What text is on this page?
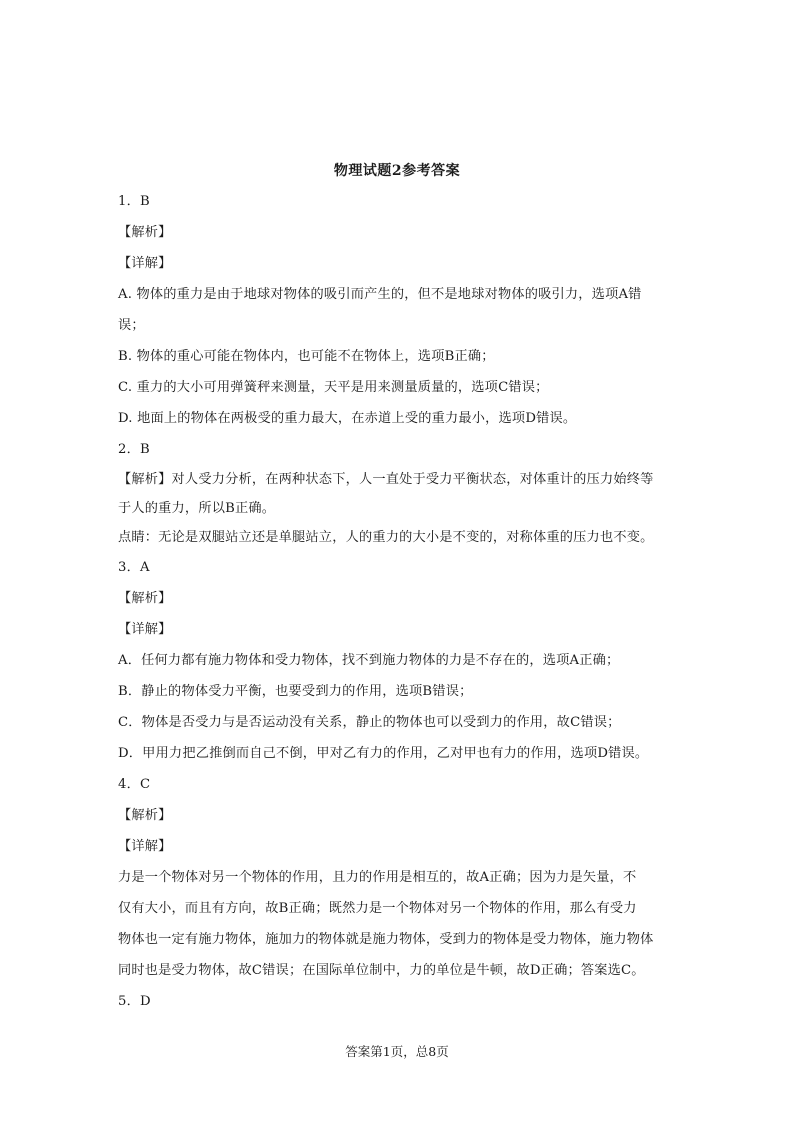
物理试题2参考答案
1．B
【解析】
【详解】
A. 物体的重力是由于地球对物体的吸引而产生的，但不是地球对物体的吸引力，选项A错
误；
B. 物体的重心可能在物体内，也可能不在物体上，选项B正确；
C. 重力的大小可用弹簧秤来测量，天平是用来测量质量的，选项C错误；
D. 地面上的物体在两极受的重力最大，在赤道上受的重力最小，选项D错误。
2．B
【解析】对人受力分析，在两种状态下，人一直处于受力平衡状态，对体重计的压力始终等
于人的重力，所以B正确。
点睛：无论是双腿站立还是单腿站立，人的重力的大小是不变的，对称体重的压力也不变。
3．A
【解析】
【详解】
A．任何力都有施力物体和受力物体，找不到施力物体的力是不存在的，选项A正确；
B．静止的物体受力平衡，也要受到力的作用，选项B错误；
C．物体是否受力与是否运动没有关系，静止的物体也可以受到力的作用，故C错误；
D．甲用力把乙推倒而自己不倒，甲对乙有力的作用，乙对甲也有力的作用，选项D错误。
4．C
【解析】
【详解】
力是一个物体对另一个物体的作用，且力的作用是相互的，故A正确；因为力是矢量，不
仅有大小，而且有方向，故B正确；既然力是一个物体对另一个物体的作用，那么有受力
物体也一定有施力物体，施加力的物体就是施力物体，受到力的物体是受力物体，施力物体
同时也是受力物体，故C错误；在国际单位制中，力的单位是牛顿，故D正确；答案选C。
5．D
答案第1页，总8页
